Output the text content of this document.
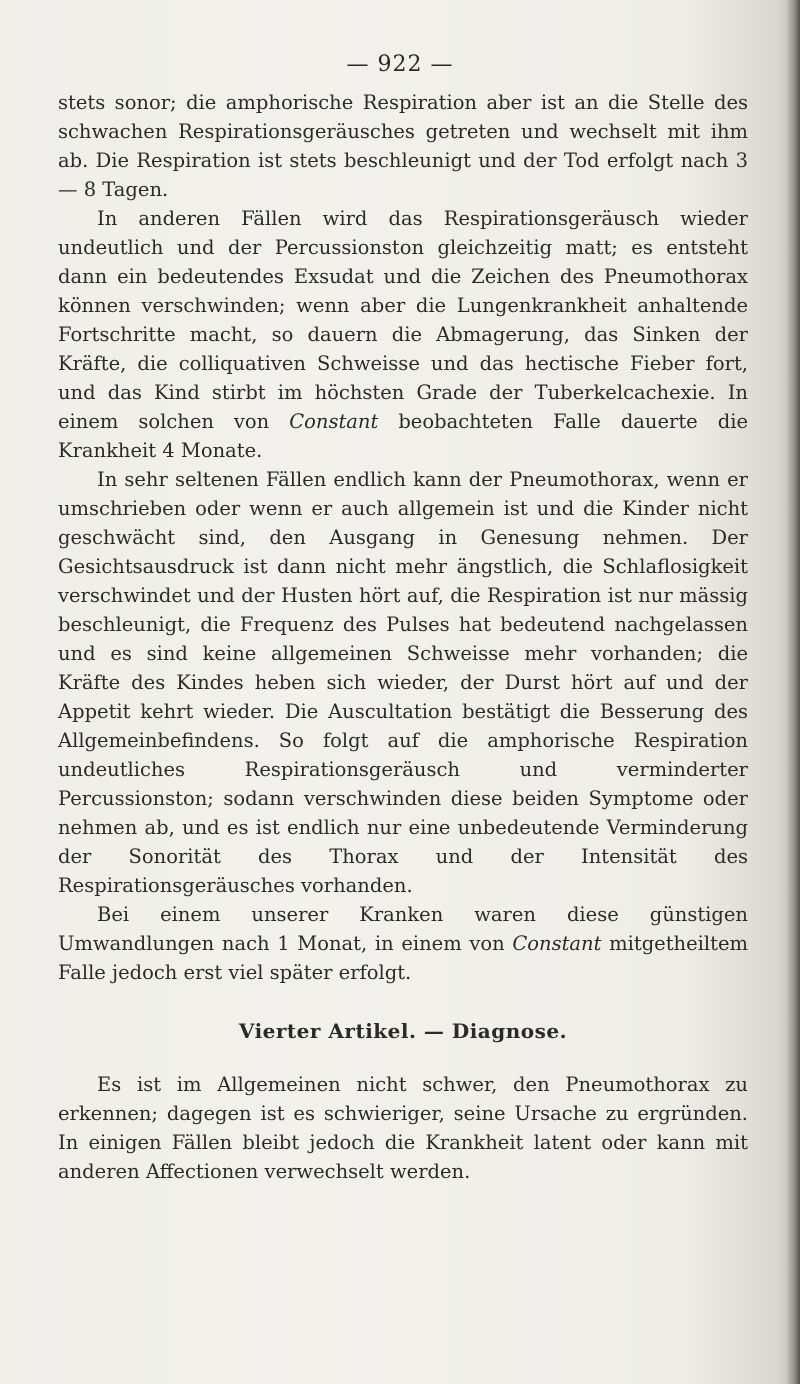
— 922 —

stets sonor; die amphorische Respiration aber ist an die Stelle des schwachen Respirationsgeräusches getreten und wechselt mit ihm ab. Die Respiration ist stets beschleunigt und der Tod erfolgt nach 3 — 8 Tagen.

In anderen Fällen wird das Respirationsgeräusch wieder undeutlich und der Percussionston gleichzeitig matt; es entsteht dann ein bedeutendes Exsudat und die Zeichen des Pneumothorax können verschwinden; wenn aber die Lungenkrankheit anhaltende Fortschritte macht, so dauern die Abmagerung, das Sinken der Kräfte, die colliquativen Schweisse und das hectische Fieber fort, und das Kind stirbt im höchsten Grade der Tuberkelcachexie. In einem solchen von Constant beobachteten Falle dauerte die Krankheit 4 Monate.

In sehr seltenen Fällen endlich kann der Pneumothorax, wenn er umschrieben oder wenn er auch allgemein ist und die Kinder nicht geschwächt sind, den Ausgang in Genesung nehmen. Der Gesichtsausdruck ist dann nicht mehr ängstlich, die Schlaflosigkeit verschwindet und der Husten hört auf, die Respiration ist nur mässig beschleunigt, die Frequenz des Pulses hat bedeutend nachgelassen und es sind keine allgemeinen Schweisse mehr vorhanden; die Kräfte des Kindes heben sich wieder, der Durst hört auf und der Appetit kehrt wieder. Die Auscultation bestätigt die Besserung des Allgemeinbefindens. So folgt auf die amphorische Respiration undeutliches Respirationsgeräusch und verminderter Percussionston; sodann verschwinden diese beiden Symptome oder nehmen ab, und es ist endlich nur eine unbedeutende Verminderung der Sonorität des Thorax und der Intensität des Respirationsgeräusches vorhanden.

Bei einem unserer Kranken waren diese günstigen Umwandlungen nach 1 Monat, in einem von Constant mitgetheiltem Falle jedoch erst viel später erfolgt.

Vierter Artikel. — Diagnose.

Es ist im Allgemeinen nicht schwer, den Pneumothorax zu erkennen; dagegen ist es schwieriger, seine Ursache zu ergründen. In einigen Fällen bleibt jedoch die Krankheit latent oder kann mit anderen Affectionen verwechselt werden.
